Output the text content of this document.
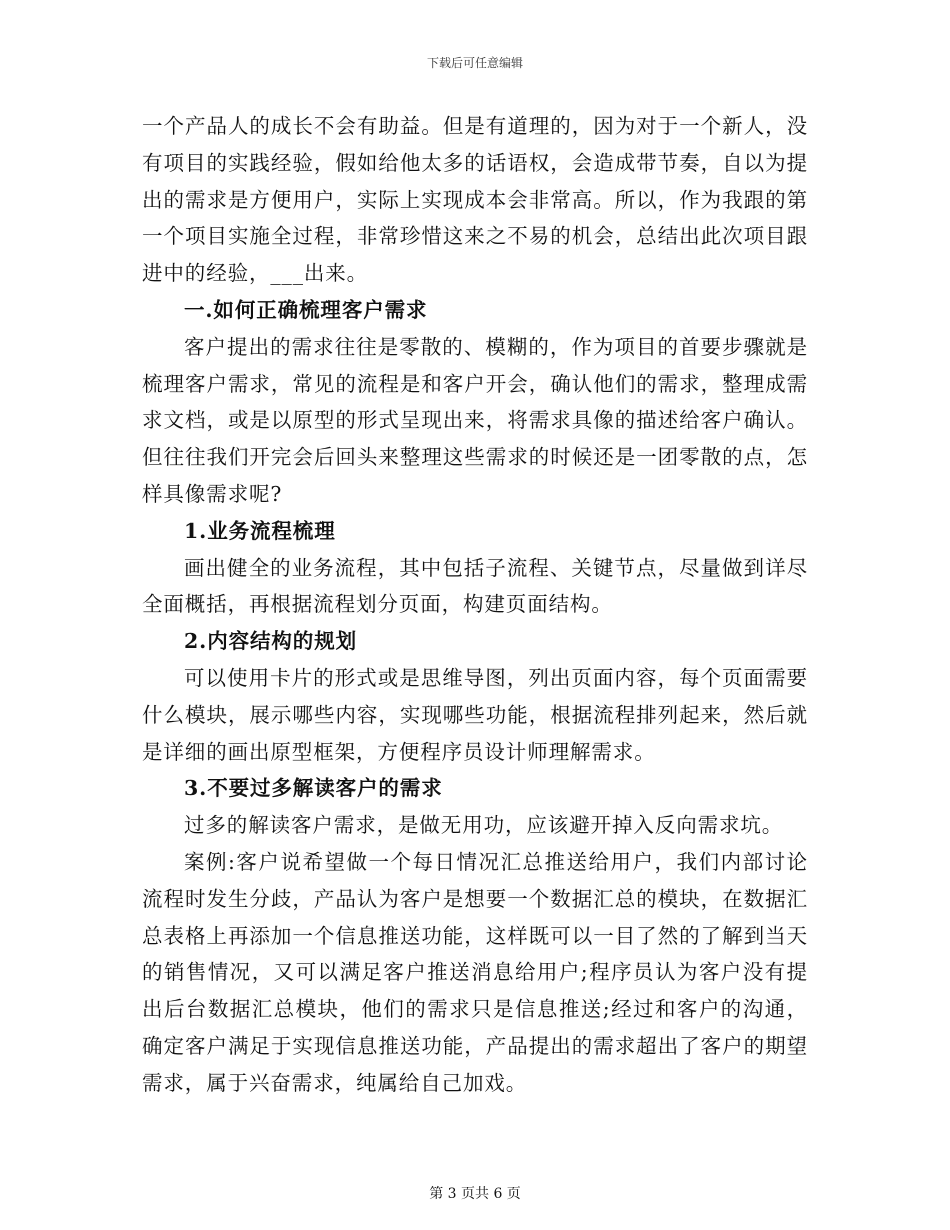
下载后可任意编辑

一个产品人的成长不会有助益。但是有道理的，因为对于一个新人，没有项目的实践经验，假如给他太多的话语权，会造成带节奏，自以为提出的需求是方便用户，实际上实现成本会非常高。所以，作为我跟的第一个项目实施全过程，非常珍惜这来之不易的机会，总结出此次项目跟进中的经验，___出来。

一.如何正确梳理客户需求

客户提出的需求往往是零散的、模糊的，作为项目的首要步骤就是梳理客户需求，常见的流程是和客户开会，确认他们的需求，整理成需求文档，或是以原型的形式呈现出来，将需求具像的描述给客户确认。但往往我们开完会后回头来整理这些需求的时候还是一团零散的点，怎样具像需求呢?

1.业务流程梳理

画出健全的业务流程，其中包括子流程、关键节点，尽量做到详尽全面概括，再根据流程划分页面，构建页面结构。

2.内容结构的规划

可以使用卡片的形式或是思维导图，列出页面内容，每个页面需要什么模块，展示哪些内容，实现哪些功能，根据流程排列起来，然后就是详细的画出原型框架，方便程序员设计师理解需求。

3.不要过多解读客户的需求

过多的解读客户需求，是做无用功，应该避开掉入反向需求坑。

案例:客户说希望做一个每日情况汇总推送给用户，我们内部讨论流程时发生分歧，产品认为客户是想要一个数据汇总的模块，在数据汇总表格上再添加一个信息推送功能，这样既可以一目了然的了解到当天的销售情况，又可以满足客户推送消息给用户;程序员认为客户没有提出后台数据汇总模块，他们的需求只是信息推送;经过和客户的沟通，确定客户满足于实现信息推送功能，产品提出的需求超出了客户的期望需求，属于兴奋需求，纯属给自己加戏。

第 3 页共 6 页
